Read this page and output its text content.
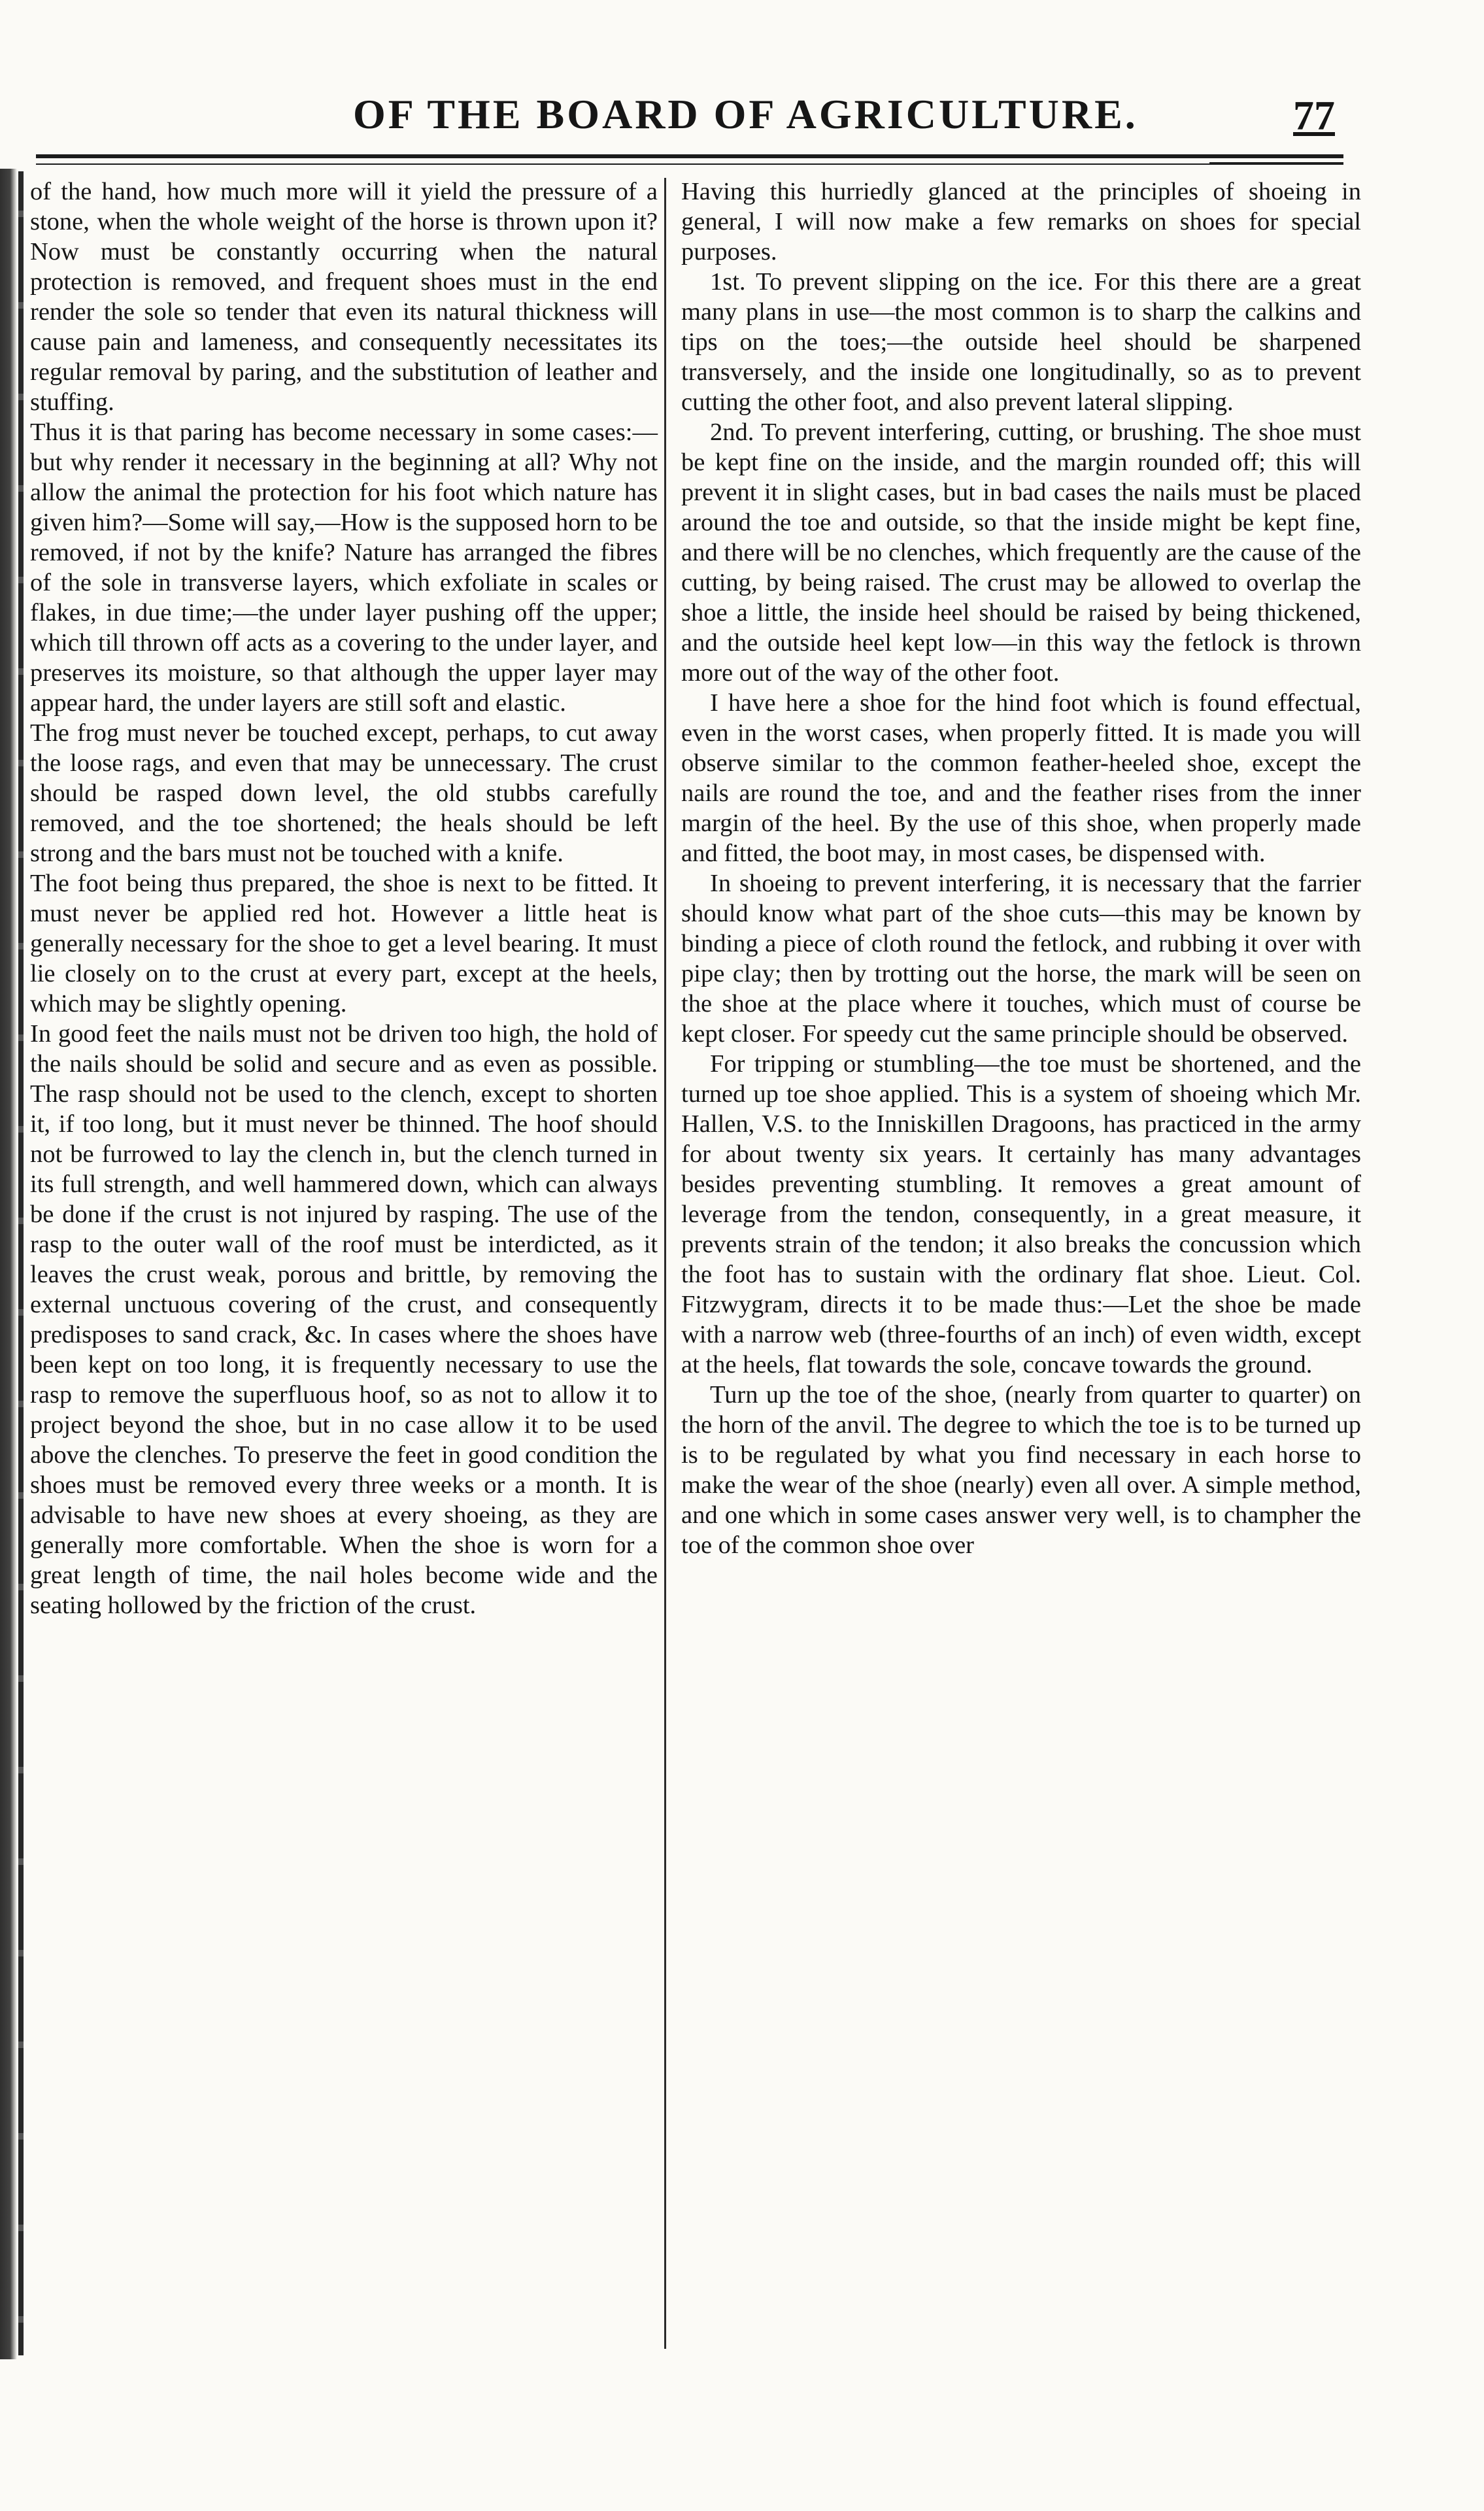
OF THE BOARD OF AGRICULTURE.	77

of the hand, how much more will it yield the pressure of a stone, when the whole weight of the horse is thrown upon it? Now must be constantly occurring when the natural protection is removed, and frequent shoes must in the end render the sole so tender that even its natural thickness will cause pain and lameness, and consequently necessitates its regular removal by paring, and the substitution of leather and stuffing.

Thus it is that paring has become necessary in some cases:—but why render it necessary in the beginning at all? Why not allow the animal the protection for his foot which nature has given him?—Some will say,—How is the supposed horn to be removed, if not by the knife? Nature has arranged the fibres of the sole in transverse layers, which exfoliate in scales or flakes, in due time;—the under layer pushing off the upper; which till thrown off acts as a covering to the under layer, and preserves its moisture, so that although the upper layer may appear hard, the under layers are still soft and elastic.

The frog must never be touched except, perhaps, to cut away the loose rags, and even that may be unnecessary. The crust should be rasped down level, the old stubbs carefully removed, and the toe shortened; the heals should be left strong and the bars must not be touched with a knife.

The foot being thus prepared, the shoe is next to be fitted. It must never be applied red hot. However a little heat is generally necessary for the shoe to get a level bearing. It must lie closely on to the crust at every part, except at the heels, which may be slightly opening.

In good feet the nails must not be driven too high, the hold of the nails should be solid and secure and as even as possible. The rasp should not be used to the clench, except to shorten it, if too long, but it must never be thinned. The hoof should not be furrowed to lay the clench in, but the clench turned in its full strength, and well hammered down, which can always be done if the crust is not injured by rasping. The use of the rasp to the outer wall of the roof must be interdicted, as it leaves the crust weak, porous and brittle, by removing the external unctuous covering of the crust, and consequently predisposes to sand crack, &c. In cases where the shoes have been kept on too long, it is frequently necessary to use the rasp to remove the superfluous hoof, so as not to allow it to project beyond the shoe, but in no case allow it to be used above the clenches. To preserve the feet in good condition the shoes must be removed every three weeks or a month. It is advisable to have new shoes at every shoeing, as they are generally more comfortable. When the shoe is worn for a great length of time, the nail holes become wide and the seating hollowed by the friction of the crust.

Having this hurriedly glanced at the principles of shoeing in general, I will now make a few remarks on shoes for special purposes.

1st. To prevent slipping on the ice. For this there are a great many plans in use—the most common is to sharp the calkins and tips on the toes;—the outside heel should be sharpened transversely, and the inside one longitudinally, so as to prevent cutting the other foot, and also prevent lateral slipping.

2nd. To prevent interfering, cutting, or brushing. The shoe must be kept fine on the inside, and the margin rounded off; this will prevent it in slight cases, but in bad cases the nails must be placed around the toe and outside, so that the inside might be kept fine, and there will be no clenches, which frequently are the cause of the cutting, by being raised. The crust may be allowed to overlap the shoe a little, the inside heel should be raised by being thickened, and the outside heel kept low—in this way the fetlock is thrown more out of the way of the other foot.

I have here a shoe for the hind foot which is found effectual, even in the worst cases, when properly fitted. It is made you will observe similar to the common feather-heeled shoe, except the nails are round the toe, and and the feather rises from the inner margin of the heel. By the use of this shoe, when properly made and fitted, the boot may, in most cases, be dispensed with.

In shoeing to prevent interfering, it is necessary that the farrier should know what part of the shoe cuts—this may be known by binding a piece of cloth round the fetlock, and rubbing it over with pipe clay; then by trotting out the horse, the mark will be seen on the shoe at the place where it touches, which must of course be kept closer. For speedy cut the same principle should be observed.

For tripping or stumbling—the toe must be shortened, and the turned up toe shoe applied. This is a system of shoeing which Mr. Hallen, V.S. to the Inniskillen Dragoons, has practiced in the army for about twenty six years. It certainly has many advantages besides preventing stumbling. It removes a great amount of leverage from the tendon, consequently, in a great measure, it prevents strain of the tendon; it also breaks the concussion which the foot has to sustain with the ordinary flat shoe. Lieut. Col. Fitzwygram, directs it to be made thus:—Let the shoe be made with a narrow web (three-fourths of an inch) of even width, except at the heels, flat towards the sole, concave towards the ground.

Turn up the toe of the shoe, (nearly from quarter to quarter) on the horn of the anvil. The degree to which the toe is to be turned up is to be regulated by what you find necessary in each horse to make the wear of the shoe (nearly) even all over. A simple method, and one which in some cases answer very well, is to champher the toe of the common shoe over
